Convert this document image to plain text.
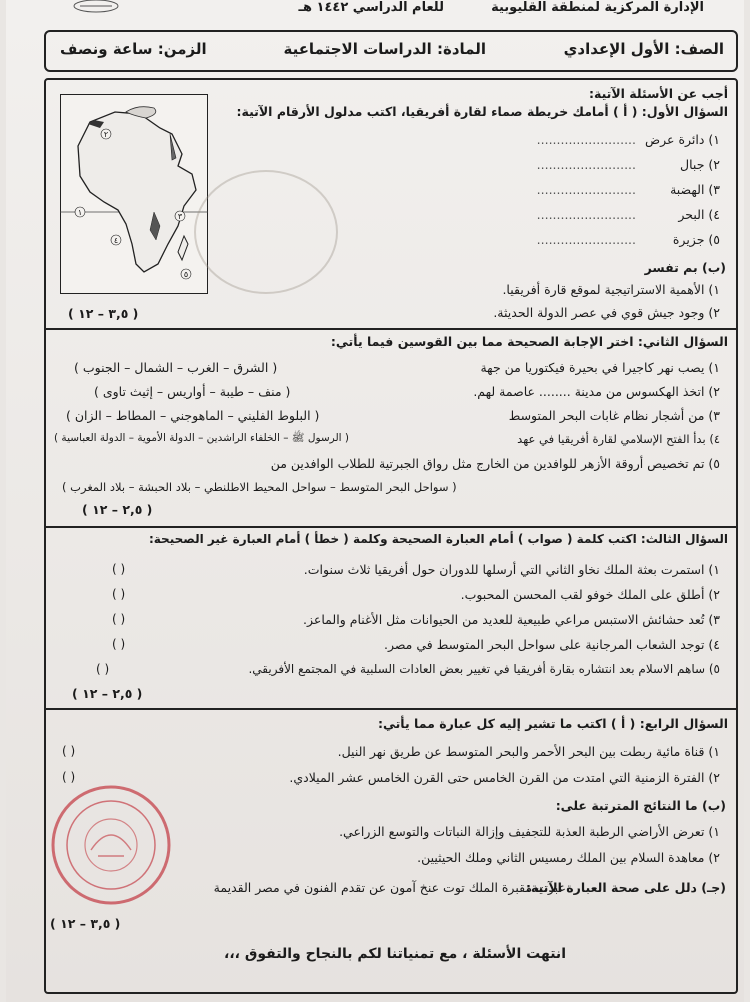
الإدارة المركزية لمنطقة القليوبية
للعام الدراسي ١٤٤٢ هـ
الصف: الأول الإعدادي
المادة: الدراسات الاجتماعية
الزمن: ساعة ونصف
أجب عن الأسئلة الآتية:
السؤال الأول: ( أ ) أمامك خريطة صماء لقارة أفريقيا، اكتب مدلول الأرقام الآتية:
٢
١	٣
٤
٥
١) دائرة عرض
.........................
٢) جبال
.........................
٣) الهضبة
.........................
٤) البحر
.........................
٥) جزيرة
.........................
(ب) بم تفسر
١) الأهمية الاستراتيجية لموقع قارة أفريقيا.
٢) وجود جيش قوي في عصر الدولة الحديثة.
( ٣,٥ – ١٢ )
السؤال الثاني: اختر الإجابة الصحيحة مما بين القوسين فيما يأتي:
١) يصب نهر كاجيرا في بحيرة فيكتوريا من جهة
( الشرق – الغرب – الشمال – الجنوب )
٢) اتخذ الهكسوس من مدينة ........ عاصمة لهم.
( منف – طيبة – أواريس – إثيث تاوى )
٣) من أشجار نظام غابات البحر المتوسط
( البلوط الفليني – الماهوجني – المطاط – الزان )
٤) بدأ الفتح الإسلامي لقارة أفريقيا في عهد
( الرسول ﷺ – الخلفاء الراشدين – الدولة الأموية – الدولة العباسية )
٥) تم تخصيص أروقة الأزهر للوافدين من الخارج مثل رواق الجبرتية للطلاب الوافدين من
( سواحل البحر المتوسط – سواحل المحيط الاطلنطي – بلاد الحبشة – بلاد المغرب )
( ٢,٥ – ١٢ )
السؤال الثالث: اكتب كلمة ( صواب ) أمام العبارة الصحيحة وكلمة ( خطأ ) أمام العبارة غير الصحيحة:
١) استمرت بعثة الملك نخاو الثاني التي أرسلها للدوران حول أفريقيا ثلاث سنوات.
( )
٢) أطلق على الملك خوفو لقب المحسن المحبوب.
( )
٣) تُعد حشائش الاستبس مراعي طبيعية للعديد من الحيوانات مثل الأغنام والماعز.
( )
٤) توجد الشعاب المرجانية على سواحل البحر المتوسط في مصر.
( )
٥) ساهم الاسلام بعد انتشاره بقارة أفريقيا في تغيير بعض العادات السلبية في المجتمع الأفريقي.
( )
( ٢,٥ – ١٢ )
السؤال الرابع: ( أ ) اكتب ما تشير إليه كل عبارة مما يأتي:
١) قناة مائية ربطت بين البحر الأحمر والبحر المتوسط عن طريق نهر النيل.
( )
٢) الفترة الزمنية التي امتدت من القرن الخامس حتى القرن الخامس عشر الميلادي.
( )
(ب) ما النتائج المترتبة على:
١) تعرض الأراضي الرطبة العذبة للتجفيف وإزالة النباتات والتوسع الزراعي.
٢) معاهدة السلام بين الملك رمسيس الثاني وملك الحيثيين.
(جـ) دلل على صحة العبارة الآتية:
عبرت مقبرة الملك توت عنخ آمون عن تقدم الفنون في مصر القديمة
( ٣,٥ – ١٢ )
انتهت الأسئلة ، مع تمنياتنا لكم بالنجاح والتفوق ،،،
